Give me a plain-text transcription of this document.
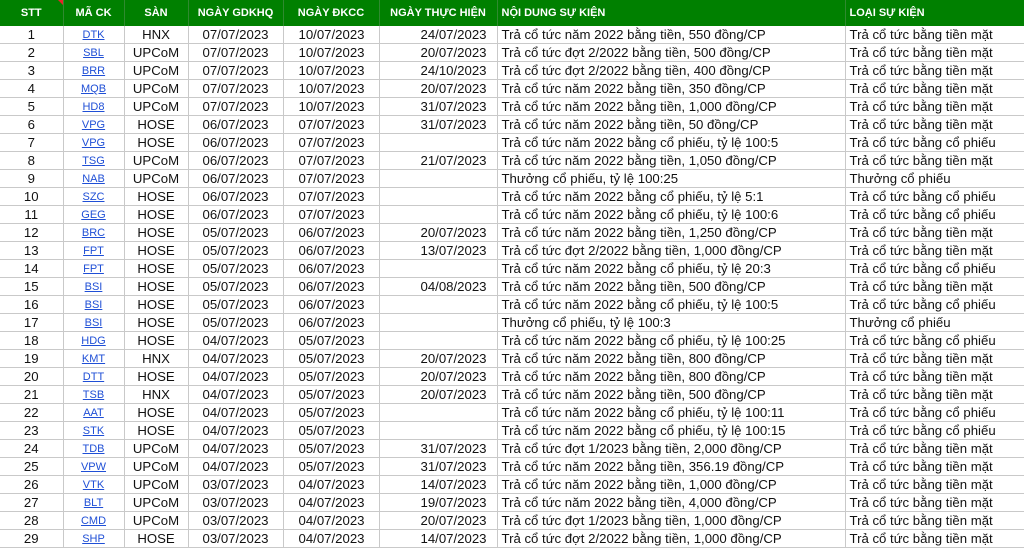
STT	MÃ CK	SÀN	NGÀY GDKHQ	NGÀY ĐKCC	NGÀY THỰC HIỆN	NỘI DUNG SỰ KIỆN	LOẠI SỰ KIỆN
1	DTK	HNX	07/07/2023	10/07/2023	24/07/2023	Trả cổ tức năm 2022 bằng tiền, 550 đồng/CP	Trả cổ tức bằng tiền mặt
2	SBL	UPCoM	07/07/2023	10/07/2023	20/07/2023	Trả cổ tức đợt 2/2022 bằng tiền, 500 đồng/CP	Trả cổ tức bằng tiền mặt
3	BRR	UPCoM	07/07/2023	10/07/2023	24/10/2023	Trả cổ tức đợt 2/2022 bằng tiền, 400 đồng/CP	Trả cổ tức bằng tiền mặt
4	MQB	UPCoM	07/07/2023	10/07/2023	20/07/2023	Trả cổ tức năm 2022 bằng tiền, 350 đồng/CP	Trả cổ tức bằng tiền mặt
5	HD8	UPCoM	07/07/2023	10/07/2023	31/07/2023	Trả cổ tức năm 2022 bằng tiền, 1,000 đồng/CP	Trả cổ tức bằng tiền mặt
6	VPG	HOSE	06/07/2023	07/07/2023	31/07/2023	Trả cổ tức năm 2022 bằng tiền, 50 đồng/CP	Trả cổ tức bằng tiền mặt
7	VPG	HOSE	06/07/2023	07/07/2023		Trả cổ tức năm 2022 bằng cổ phiếu, tỷ lệ 100:5	Trả cổ tức bằng cổ phiếu
8	TSG	UPCoM	06/07/2023	07/07/2023	21/07/2023	Trả cổ tức năm 2022 bằng tiền, 1,050 đồng/CP	Trả cổ tức bằng tiền mặt
9	NAB	UPCoM	06/07/2023	07/07/2023		Thưởng cổ phiếu, tỷ lệ 100:25	Thưởng cổ phiếu
10	SZC	HOSE	06/07/2023	07/07/2023		Trả cổ tức năm 2022 bằng cổ phiếu, tỷ lệ 5:1	Trả cổ tức bằng cổ phiếu
11	GEG	HOSE	06/07/2023	07/07/2023		Trả cổ tức năm 2022 bằng cổ phiếu, tỷ lệ 100:6	Trả cổ tức bằng cổ phiếu
12	BRC	HOSE	05/07/2023	06/07/2023	20/07/2023	Trả cổ tức năm 2022 bằng tiền, 1,250 đồng/CP	Trả cổ tức bằng tiền mặt
13	FPT	HOSE	05/07/2023	06/07/2023	13/07/2023	Trả cổ tức đợt 2/2022 bằng tiền, 1,000 đồng/CP	Trả cổ tức bằng tiền mặt
14	FPT	HOSE	05/07/2023	06/07/2023		Trả cổ tức năm 2022 bằng cổ phiếu, tỷ lệ 20:3	Trả cổ tức bằng cổ phiếu
15	BSI	HOSE	05/07/2023	06/07/2023	04/08/2023	Trả cổ tức năm 2022 bằng tiền, 500 đồng/CP	Trả cổ tức bằng tiền mặt
16	BSI	HOSE	05/07/2023	06/07/2023		Trả cổ tức năm 2022 bằng cổ phiếu, tỷ lệ 100:5	Trả cổ tức bằng cổ phiếu
17	BSI	HOSE	05/07/2023	06/07/2023		Thưởng cổ phiếu, tỷ lệ 100:3	Thưởng cổ phiếu
18	HDG	HOSE	04/07/2023	05/07/2023		Trả cổ tức năm 2022 bằng cổ phiếu, tỷ lệ 100:25	Trả cổ tức bằng cổ phiếu
19	KMT	HNX	04/07/2023	05/07/2023	20/07/2023	Trả cổ tức năm 2022 bằng tiền, 800 đồng/CP	Trả cổ tức bằng tiền mặt
20	DTT	HOSE	04/07/2023	05/07/2023	20/07/2023	Trả cổ tức năm 2022 bằng tiền, 800 đồng/CP	Trả cổ tức bằng tiền mặt
21	TSB	HNX	04/07/2023	05/07/2023	20/07/2023	Trả cổ tức năm 2022 bằng tiền, 500 đồng/CP	Trả cổ tức bằng tiền mặt
22	AAT	HOSE	04/07/2023	05/07/2023		Trả cổ tức năm 2022 bằng cổ phiếu, tỷ lệ 100:11	Trả cổ tức bằng cổ phiếu
23	STK	HOSE	04/07/2023	05/07/2023		Trả cổ tức năm 2022 bằng cổ phiếu, tỷ lệ 100:15	Trả cổ tức bằng cổ phiếu
24	TDB	UPCoM	04/07/2023	05/07/2023	31/07/2023	Trả cổ tức đợt 1/2023 bằng tiền, 2,000 đồng/CP	Trả cổ tức bằng tiền mặt
25	VPW	UPCoM	04/07/2023	05/07/2023	31/07/2023	Trả cổ tức năm 2022 bằng tiền, 356.19 đồng/CP	Trả cổ tức bằng tiền mặt
26	VTK	UPCoM	03/07/2023	04/07/2023	14/07/2023	Trả cổ tức năm 2022 bằng tiền, 1,000 đồng/CP	Trả cổ tức bằng tiền mặt
27	BLT	UPCoM	03/07/2023	04/07/2023	19/07/2023	Trả cổ tức năm 2022 bằng tiền, 4,000 đồng/CP	Trả cổ tức bằng tiền mặt
28	CMD	UPCoM	03/07/2023	04/07/2023	20/07/2023	Trả cổ tức đợt 1/2023 bằng tiền, 1,000 đồng/CP	Trả cổ tức bằng tiền mặt
29	SHP	HOSE	03/07/2023	04/07/2023	14/07/2023	Trả cổ tức đợt 2/2022 bằng tiền, 1,000 đồng/CP	Trả cổ tức bằng tiền mặt
